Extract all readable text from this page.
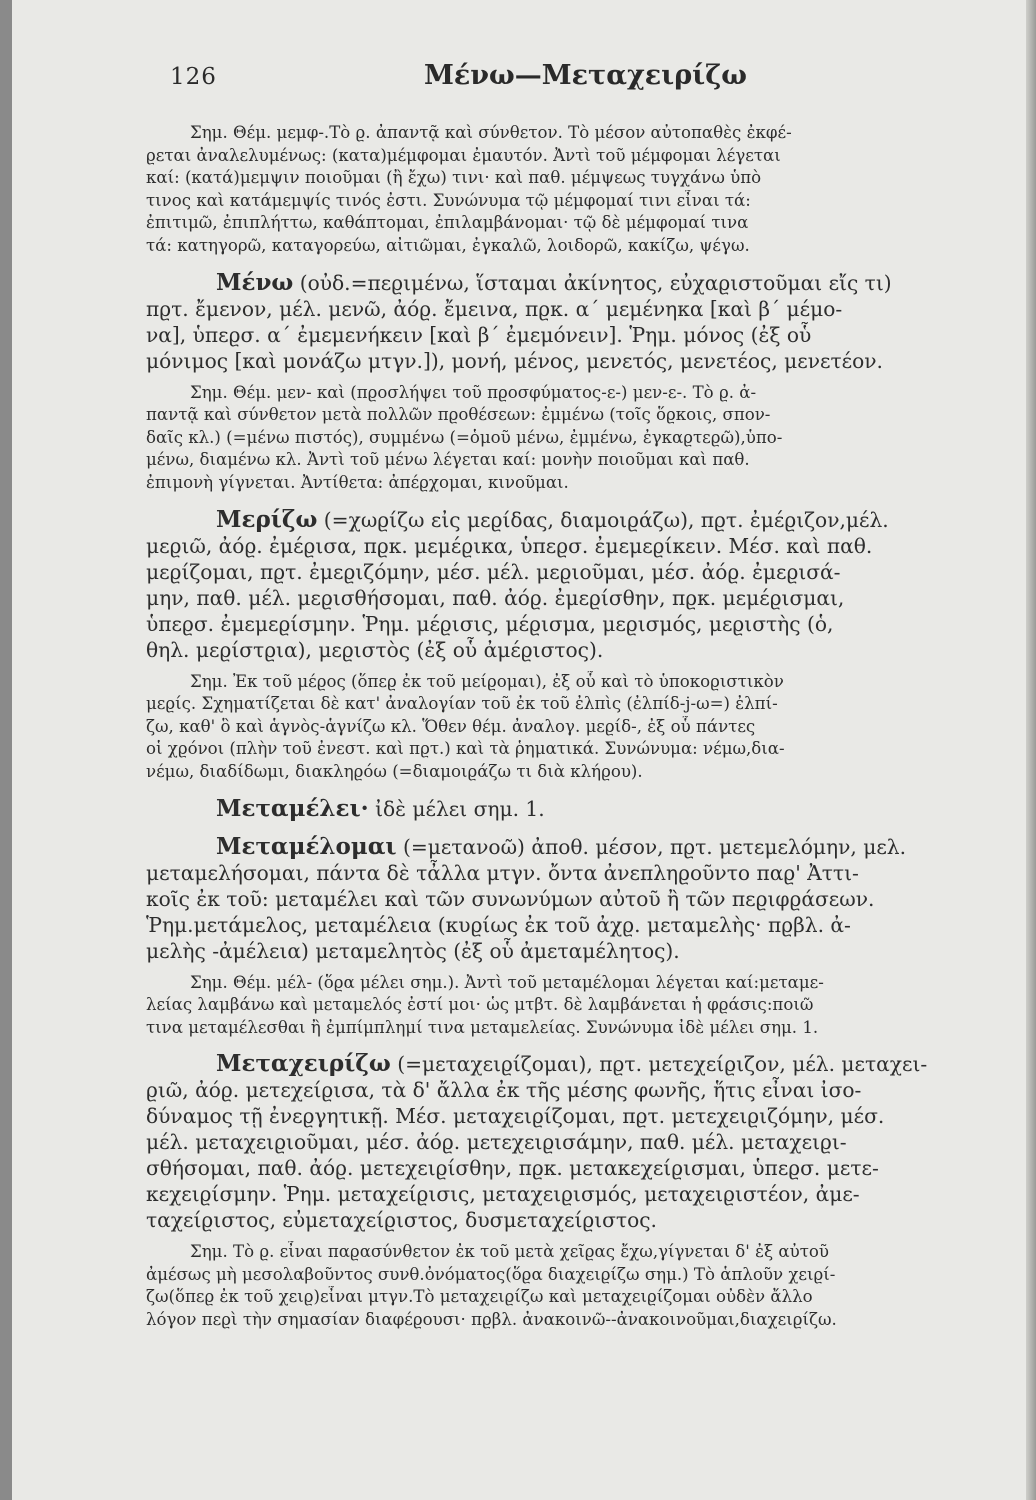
126	Μένω—Μεταχειρίζω
Σημ. Θέμ. μεμφ-.Τὸ ϱ. ἀπαντᾷ καὶ σύνθετον. Τὸ μέσον αὐτοπαθὲς ἐκφέ-
ϱεται ἀναλελυμένως: (κατα)μέμφομαι ἐμαυτόν. Ἀντὶ τοῦ μέμφομαι λέγεται
καί: (κατά)μεμψιν ποιοῦμαι (ἢ ἔχω) τινι· καὶ παθ. μέμψεως τυγχάνω ὑπὸ
τινος καὶ κατάμεμψίς τινός ἐστι. Συνώνυμα τῷ μέμφομαί τινι εἶναι τά:
ἐπιτιμῶ, ἐπιπλήττω, καθάπτομαι, ἐπιλαμβάνομαι· τῷ δὲ μέμφομαί τινα
τά: κατηγορῶ, καταγορεύω, αἰτιῶμαι, ἐγκαλῶ, λοιδορῶ, κακίζω, ψέγω.
Μένω (οὐδ.=πεϱιμένω, ἵσταμαι ἀκίνητος, εὐχαϱιστοῦμαι εἴς τι)
πϱτ. ἔμενον, μέλ. μενῶ, ἀόϱ. ἔμεινα, πϱκ. α΄ μεμένηκα [καὶ β΄ μέμο-
να], ὑπεϱσ. α΄ ἐμεμενήκειν [καὶ β΄ ἐμεμόνειν]. Ῥημ. μόνος (ἐξ οὗ
μόνιμος [καὶ μονάζω μτγν.]), μονή, μένος, μενετός, μενετέος, μενετέον.
Σημ. Θέμ. μεν- καὶ (πϱοσλήψει τοῦ πϱοσφύματος-ε-) μεν-ε-. Τὸ ϱ. ἀ-
παντᾷ καὶ σύνθετον μετὰ πολλῶν πϱοθέσεων: ἐμμένω (τοῖς ὅϱκοις, σπον-
δαῖς κλ.) (=μένω πιστός), συμμένω (=ὁμοῦ μένω, ἐμμένω, ἐγκαϱτεϱῶ),ὑπο-
μένω, διαμένω κλ. Ἀντὶ τοῦ μένω λέγεται καί: μονὴν ποιοῦμαι καὶ παθ.
ἐπιμονὴ γίγνεται. Ἀντίθετα: ἀπέϱχομαι, κινοῦμαι.
Μερίζω (=χωϱίζω εἰς μεϱίδας, διαμοιϱάζω), πϱτ. ἐμέϱιζον,μέλ.
μεϱιῶ, ἀόϱ. ἐμέϱισα, πϱκ. μεμέϱικα, ὑπεϱσ. ἐμεμεϱίκειν. Μέσ. καὶ παθ.
μεϱίζομαι, πϱτ. ἐμεϱιζόμην, μέσ. μέλ. μεϱιοῦμαι, μέσ. ἀόϱ. ἐμεϱισά-
μην, παθ. μέλ. μεϱισθήσομαι, παθ. ἀόϱ. ἐμεϱίσθην, πϱκ. μεμέϱισμαι,
ὑπεϱσ. ἐμεμεϱίσμην. Ῥημ. μέϱισις, μέϱισμα, μεϱισμός, μεϱιστὴς (ὁ,
θηλ. μεϱίστϱια), μεϱιστὸς (ἐξ οὗ ἀμέϱιστος).
Σημ. Ἐκ τοῦ μέϱος (ὅπεϱ ἐκ τοῦ μείϱομαι), ἐξ οὗ καὶ τὸ ὑποκοϱιστικὸν
μεϱίς. Σχηματίζεται δὲ κατ' ἀναλογίαν τοῦ ἐκ τοῦ ἐλπὶς (ἐλπίδ-j-ω=) ἐλπί-
ζω, καθ' ὃ καὶ ἁγνὸς-ἁγνίζω κλ. Ὅθεν θέμ. ἀναλογ. μεϱίδ-, ἐξ οὗ πάντες
οἱ χϱόνοι (πλὴν τοῦ ἐνεστ. καὶ πϱτ.) καὶ τὰ ῥηματικά. Συνώνυμα: νέμω,δια-
νέμω, διαδίδωμι, διακληϱόω (=διαμοιϱάζω τι διὰ κλήϱου).
Μεταμέλει· ἰδὲ μέλει σημ. 1.
Μεταμέλομαι (=μετανοῶ) ἀποθ. μέσον, πϱτ. μετεμελόμην, μελ.
μεταμελήσομαι, πάντα δὲ τἆλλα μτγν. ὄντα ἀνεπληϱοῦντο παϱ' Ἀττι-
κοῖς ἐκ τοῦ: μεταμέλει καὶ τῶν συνωνύμων αὐτοῦ ἢ τῶν πεϱιφϱάσεων.
Ῥημ.μετάμελος, μεταμέλεια (κυϱίως ἐκ τοῦ ἀχϱ. μεταμελὴς· πϱβλ. ἀ-
μελὴς -ἀμέλεια) μεταμελητὸς (ἐξ οὗ ἀμεταμέλητος).
Σημ. Θέμ. μέλ- (ὅϱα μέλει σημ.). Ἀντὶ τοῦ μεταμέλομαι λέγεται καί:μεταμε-
λείας λαμβάνω καὶ μεταμελός ἐστί μοι· ὡς μτβτ. δὲ λαμβάνεται ἡ φϱάσις:ποιῶ
τινα μεταμέλεσθαι ἢ ἐμπίμπλημί τινα μεταμελείας. Συνώνυμα ἰδὲ μέλει σημ. 1.
Μεταχειρίζω (=μεταχειϱίζομαι), πϱτ. μετεχείϱιζον, μέλ. μεταχει-
ϱιῶ, ἀόϱ. μετεχείϱισα, τὰ δ' ἄλλα ἐκ τῆς μέσης φωνῆς, ἥτις εἶναι ἰσο-
δύναμος τῇ ἐνεϱγητικῇ. Μέσ. μεταχειϱίζομαι, πϱτ. μετεχειϱιζόμην, μέσ.
μέλ. μεταχειϱιοῦμαι, μέσ. ἀόϱ. μετεχειϱισάμην, παθ. μέλ. μεταχειϱι-
σθήσομαι, παθ. ἀόϱ. μετεχειϱίσθην, πϱκ. μετακεχείϱισμαι, ὑπεϱσ. μετε-
κεχειϱίσμην. Ῥημ. μεταχείϱισις, μεταχειϱισμός, μεταχειϱιστέον, ἀμε-
ταχείϱιστος, εὐμεταχείϱιστος, δυσμεταχείϱιστος.
Σημ. Τὸ ϱ. εἶναι παϱασύνθετον ἐκ τοῦ μετὰ χεῖϱας ἔχω,γίγνεται δ' ἐξ αὐτοῦ
ἀμέσως μὴ μεσολαβοῦντος συνθ.ὀνόματος(ὅϱα διαχειϱίζω σημ.) Τὸ ἁπλοῦν χειϱί-
ζω(ὅπεϱ ἐκ τοῦ χειϱ)εἶναι μτγν.Τὸ μεταχειϱίζω καὶ μεταχειϱίζομαι οὐδὲν ἄλλο
λόγον πεϱὶ τὴν σημασίαν διαφέϱουσι· πϱβλ. ἀνακοινῶ--ἀνακοινοῦμαι,διαχειϱίζω.
